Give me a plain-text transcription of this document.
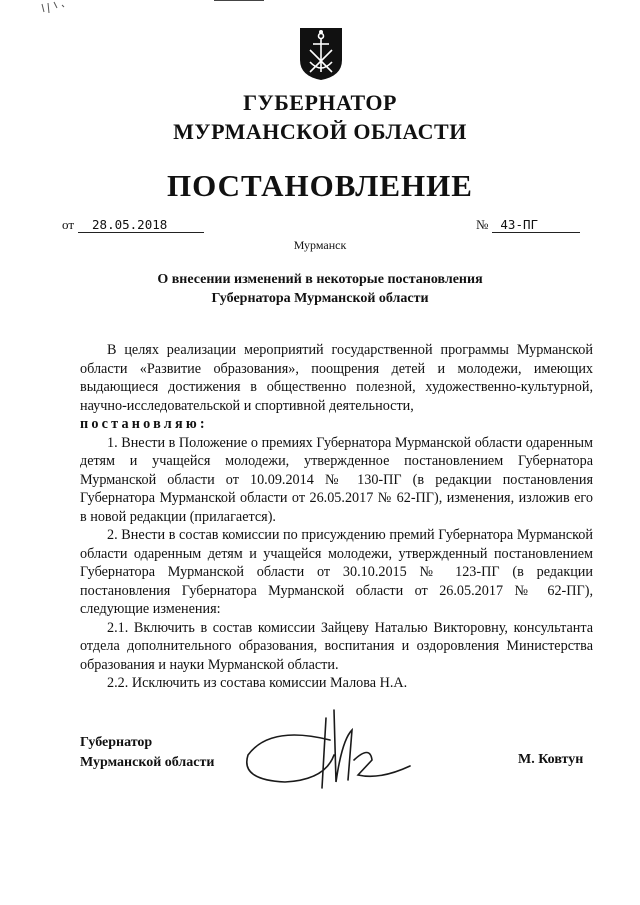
ГУБЕРНАТОР
МУРМАНСКОЙ ОБЛАСТИ
ПОСТАНОВЛЕНИЕ
от 28.05.2018	№ 43-ПГ
Мурманск
О внесении изменений в некоторые постановления
Губернатора Мурманской области

В целях реализации мероприятий государственной программы Мурманской области «Развитие образования», поощрения детей и молодежи, имеющих выдающиеся достижения в общественно полезной, художественно-культурной, научно-исследовательской и спортивной деятельности,

постановляю:

1. Внести в Положение о премиях Губернатора Мурманской области одаренным детям и учащейся молодежи, утвержденное постановлением Губернатора Мурманской области от 10.09.2014 № 130-ПГ (в редакции постановления Губернатора Мурманской области от 26.05.2017 № 62-ПГ), изменения, изложив его в новой редакции (прилагается).

2. Внести в состав комиссии по присуждению премий Губернатора Мурманской области одаренным детям и учащейся молодежи, утвержденный постановлением Губернатора Мурманской области от 30.10.2015 № 123-ПГ (в редакции постановления Губернатора Мурманской области от 26.05.2017 № 62-ПГ), следующие изменения:

2.1. Включить в состав комиссии Зайцеву Наталью Викторовну, консультанта отдела дополнительного образования, воспитания и оздоровления Министерства образования и науки Мурманской области.

2.2. Исключить из состава комиссии Малова Н.А.

Губернатор
Мурманской области	М. Ковтун
